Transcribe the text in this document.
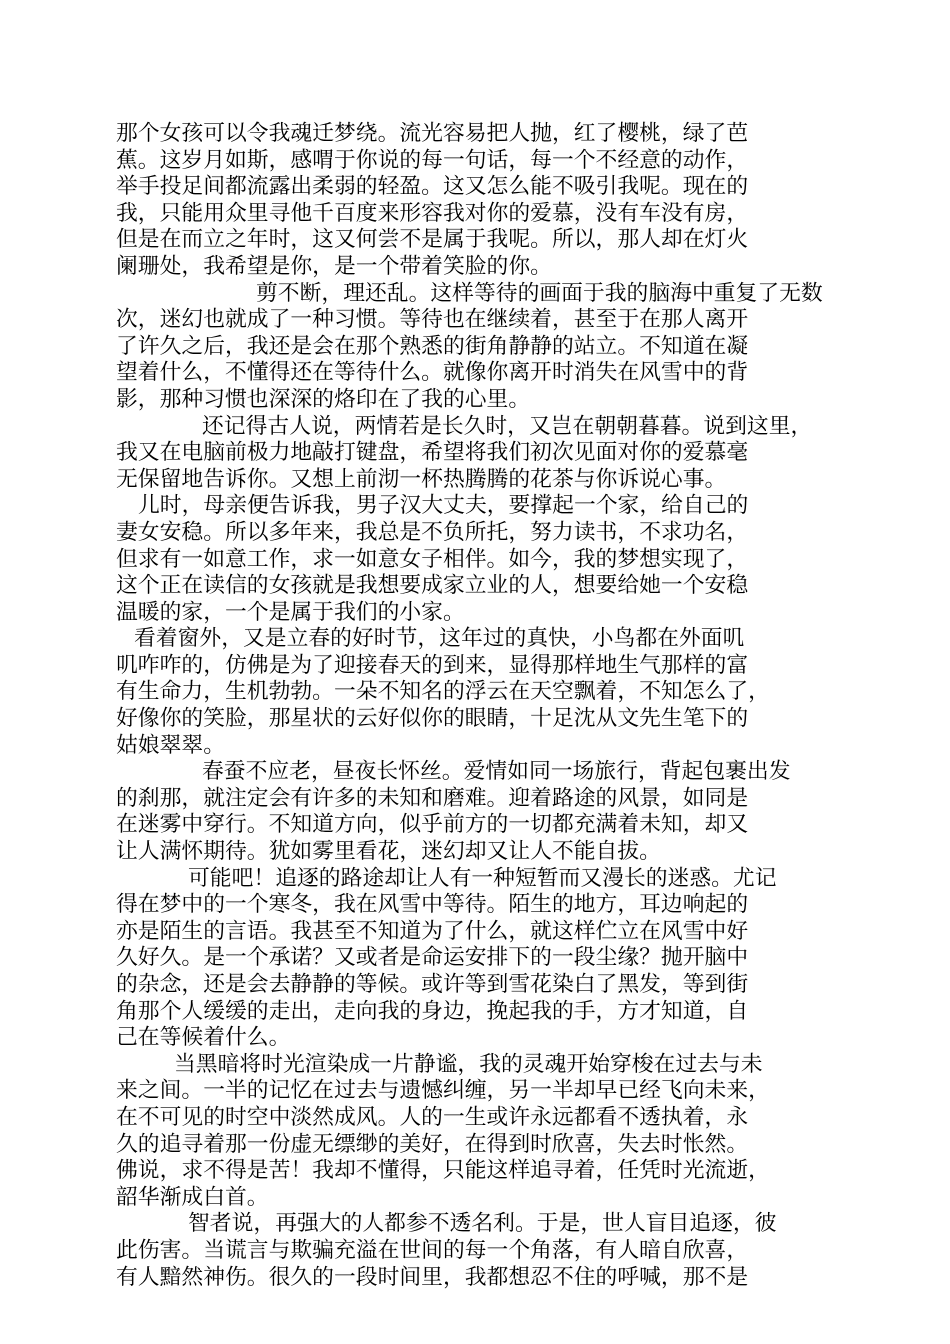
那个女孩可以令我魂迁梦绕。流光容易把人抛，红了樱桃，绿了芭
蕉。这岁月如斯，感喟于你说的每一句话，每一个不经意的动作，
举手投足间都流露出柔弱的轻盈。这又怎么能不吸引我呢。现在的
我，只能用众里寻他千百度来形容我对你的爱慕，没有车没有房，
但是在而立之年时，这又何尝不是属于我呢。所以，那人却在灯火
阑珊处，我希望是你，是一个带着笑脸的你。
剪不断，理还乱。这样等待的画面于我的脑海中重复了无数
次，迷幻也就成了一种习惯。等待也在继续着，甚至于在那人离开
了许久之后，我还是会在那个熟悉的街角静静的站立。不知道在凝
望着什么，不懂得还在等待什么。就像你离开时消失在风雪中的背
影，那种习惯也深深的烙印在了我的心里。
还记得古人说，两情若是长久时，又岂在朝朝暮暮。说到这里，
我又在电脑前极力地敲打键盘，希望将我们初次见面对你的爱慕毫
无保留地告诉你。又想上前沏一杯热腾腾的花茶与你诉说心事。
儿时，母亲便告诉我，男子汉大丈夫，要撑起一个家，给自己的
妻女安稳。所以多年来，我总是不负所托，努力读书，不求功名，
但求有一如意工作，求一如意女子相伴。如今，我的梦想实现了，
这个正在读信的女孩就是我想要成家立业的人，想要给她一个安稳
温暖的家，一个是属于我们的小家。
看着窗外，又是立春的好时节，这年过的真快，小鸟都在外面叽
叽咋咋的，仿佛是为了迎接春天的到来，显得那样地生气那样的富
有生命力，生机勃勃。一朵不知名的浮云在天空飘着，不知怎么了，
好像你的笑脸，那星状的云好似你的眼睛，十足沈从文先生笔下的
姑娘翠翠。
春蚕不应老，昼夜长怀丝。爱情如同一场旅行，背起包裹出发
的刹那，就注定会有许多的未知和磨难。迎着路途的风景，如同是
在迷雾中穿行。不知道方向，似乎前方的一切都充满着未知，却又
让人满怀期待。犹如雾里看花，迷幻却又让人不能自拔。
可能吧！追逐的路途却让人有一种短暂而又漫长的迷惑。尤记
得在梦中的一个寒冬，我在风雪中等待。陌生的地方，耳边响起的
亦是陌生的言语。我甚至不知道为了什么，就这样伫立在风雪中好
久好久。是一个承诺？又或者是命运安排下的一段尘缘？抛开脑中
的杂念，还是会去静静的等候。或许等到雪花染白了黑发，等到街
角那个人缓缓的走出，走向我的身边，挽起我的手，方才知道，自
己在等候着什么。
当黑暗将时光渲染成一片静谧，我的灵魂开始穿梭在过去与未
来之间。一半的记忆在过去与遗憾纠缠，另一半却早已经飞向未来，
在不可见的时空中淡然成风。人的一生或许永远都看不透执着，永
久的追寻着那一份虚无缥缈的美好，在得到时欣喜，失去时怅然。
佛说，求不得是苦！我却不懂得，只能这样追寻着，任凭时光流逝，
韶华渐成白首。
智者说，再强大的人都参不透名利。于是，世人盲目追逐，彼
此伤害。当谎言与欺骗充溢在世间的每一个角落，有人暗自欣喜，
有人黯然神伤。很久的一段时间里，我都想忍不住的呼喊，那不是
